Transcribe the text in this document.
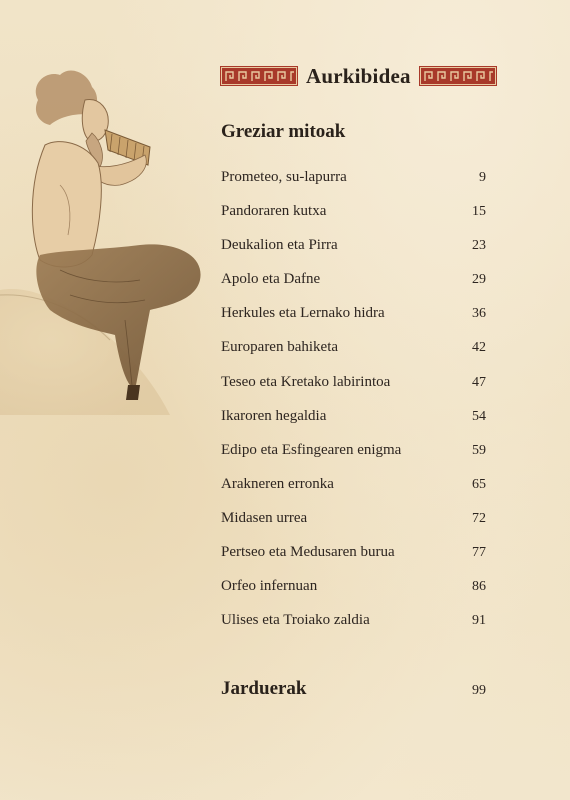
Aurkibidea
Greziar mitoak
Prometeo, su-lapurra	9
Pandoraren kutxa	15
Deukalion eta Pirra	23
Apolo eta Dafne	29
Herkules eta Lernako hidra	36
Europaren bahiketa	42
Teseo eta Kretako labirintoa	47
Ikaroren hegaldia	54
Edipo eta Esfingearen enigma	59
Arakneren erronka	65
Midasen urrea	72
Pertseo eta Medusaren burua	77
Orfeo infernuan	86
Ulises eta Troiako zaldia	91
Jarduerak	99
